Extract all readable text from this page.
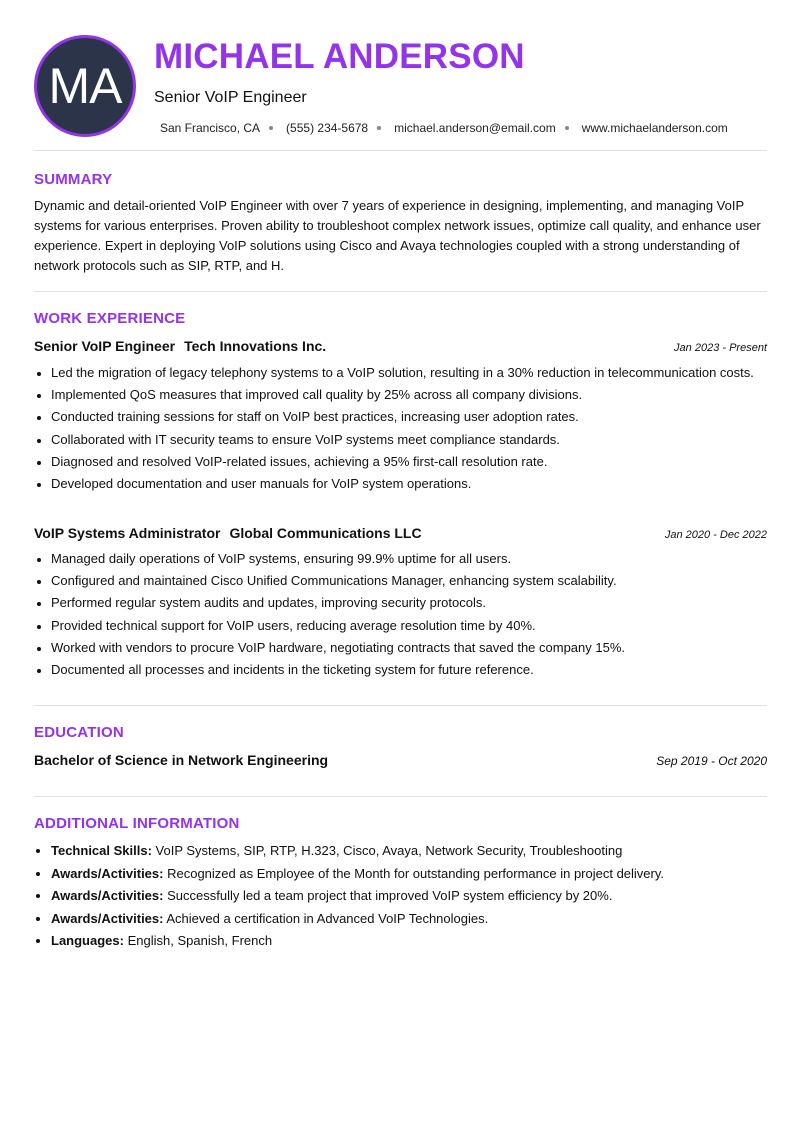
MA
MICHAEL ANDERSON
Senior VoIP Engineer
San Francisco, CA (555) 234-5678 michael.anderson@email.com www.michaelanderson.com
SUMMARY

Dynamic and detail-oriented VoIP Engineer with over 7 years of experience in designing, implementing, and managing VoIP systems for various enterprises. Proven ability to troubleshoot complex network issues, optimize call quality, and enhance user experience. Expert in deploying VoIP solutions using Cisco and Avaya technologies coupled with a strong understanding of network protocols such as SIP, RTP, and H.

WORK EXPERIENCE
Senior VoIP Engineer Tech Innovations Inc.	Jan 2023 - Present
• Led the migration of legacy telephony systems to a VoIP solution, resulting in a 30% reduction in telecommunication costs.
• Implemented QoS measures that improved call quality by 25% across all company divisions.
• Conducted training sessions for staff on VoIP best practices, increasing user adoption rates.
• Collaborated with IT security teams to ensure VoIP systems meet compliance standards.
• Diagnosed and resolved VoIP-related issues, achieving a 95% first-call resolution rate.
• Developed documentation and user manuals for VoIP system operations.
VoIP Systems Administrator Global Communications LLC	Jan 2020 - Dec 2022
• Managed daily operations of VoIP systems, ensuring 99.9% uptime for all users.
• Configured and maintained Cisco Unified Communications Manager, enhancing system scalability.
• Performed regular system audits and updates, improving security protocols.
• Provided technical support for VoIP users, reducing average resolution time by 40%.
• Worked with vendors to procure VoIP hardware, negotiating contracts that saved the company 15%.
• Documented all processes and incidents in the ticketing system for future reference.
EDUCATION
Bachelor of Science in Network Engineering	Sep 2019 - Oct 2020
ADDITIONAL INFORMATION
• Technical Skills: VoIP Systems, SIP, RTP, H.323, Cisco, Avaya, Network Security, Troubleshooting
• Awards/Activities: Recognized as Employee of the Month for outstanding performance in project delivery.
• Awards/Activities: Successfully led a team project that improved VoIP system efficiency by 20%.
• Awards/Activities: Achieved a certification in Advanced VoIP Technologies.
• Languages: English, Spanish, French
